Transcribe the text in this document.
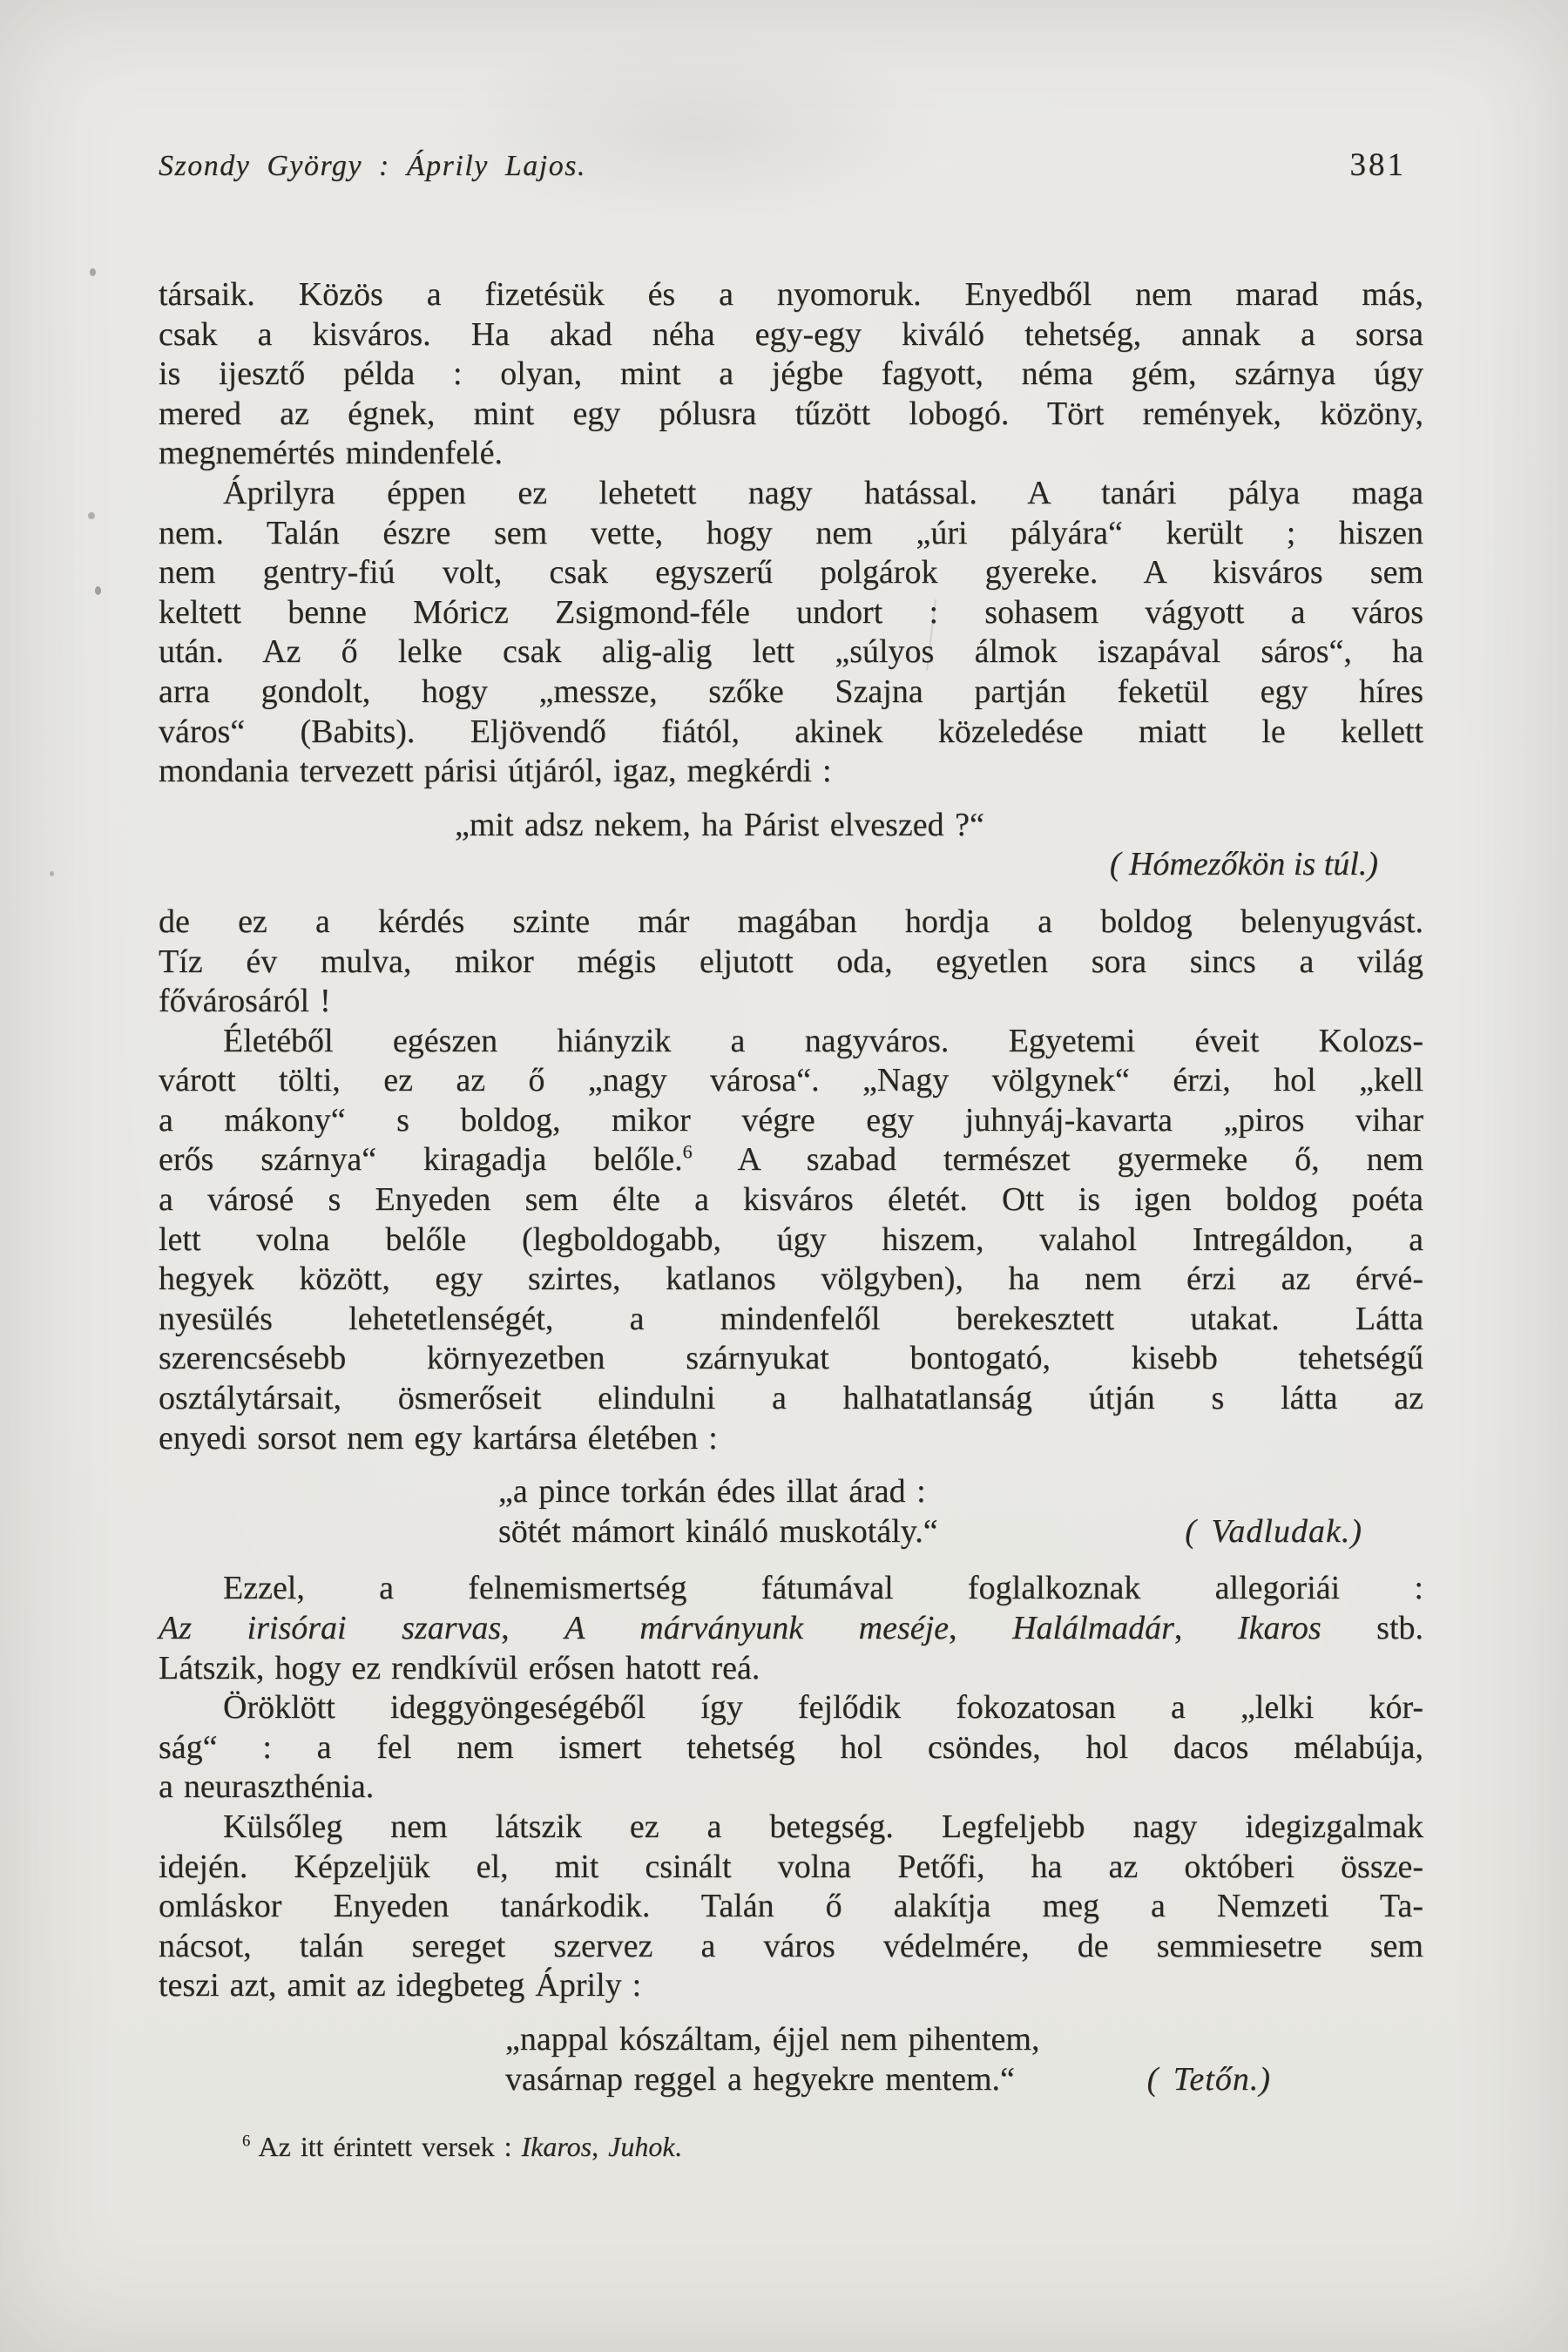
Szondy György : Áprily Lajos.	381
társaik. Közös a fizetésük és a nyomoruk. Enyedből nem marad más,
csak a kisváros. Ha akad néha egy-egy kiváló tehetség, annak a sorsa
is ijesztő példa : olyan, mint a jégbe fagyott, néma gém, szárnya úgy
mered az égnek, mint egy pólusra tűzött lobogó. Tört remények, közöny,
megnemértés mindenfelé.
Áprilyra éppen ez lehetett nagy hatással. A tanári pálya maga
nem. Talán észre sem vette, hogy nem „úri pályára“ került ; hiszen
nem gentry-fiú volt, csak egyszerű polgárok gyereke. A kisváros sem
keltett benne Móricz Zsigmond-féle undort : sohasem vágyott a város
után. Az ő lelke csak alig-alig lett „súlyos álmok iszapával sáros“, ha
arra gondolt, hogy „messze, szőke Szajna partján feketül egy híres
város“ (Babits). Eljövendő fiától, akinek közeledése miatt le kellett
mondania tervezett párisi útjáról, igaz, megkérdi :
„mit adsz nekem, ha Párist elveszed ?“
( Hómezőkön is túl.)
de ez a kérdés szinte már magában hordja a boldog belenyugvást.
Tíz év mulva, mikor mégis eljutott oda, egyetlen sora sincs a világ
fővárosáról !
Életéből egészen hiányzik a nagyváros. Egyetemi éveit Kolozs-
várott tölti, ez az ő „nagy városa“. „Nagy völgynek“ érzi, hol „kell
a mákony“ s boldog, mikor végre egy juhnyáj-kavarta „piros vihar
erős szárnya“ kiragadja belőle.$^6$ A szabad természet gyermeke ő, nem
a városé s Enyeden sem élte a kisváros életét. Ott is igen boldog poéta
lett volna belőle (legboldogabb, úgy hiszem, valahol Intregáldon, a
hegyek között, egy szirtes, katlanos völgyben), ha nem érzi az érvé-
nyesülés lehetetlenségét, a mindenfelől berekesztett utakat. Látta
szerencsésebb környezetben szárnyukat bontogató, kisebb tehetségű
osztálytársait, ösmerőseit elindulni a halhatatlanság útján s látta az
enyedi sorsot nem egy kartársa életében :
„a pince torkán édes illat árad :
sötét mámort kináló muskotály.“	( Vadludak.)
Ezzel, a felnemismertség fátumával foglalkoznak allegoriái :
Az irisórai szarvas, A márványunk meséje, Halálmadár, Ikaros stb.
Látszik, hogy ez rendkívül erősen hatott reá.
Öröklött ideggyöngeségéből így fejlődik fokozatosan a „lelki kór-
ság“ : a fel nem ismert tehetség hol csöndes, hol dacos mélabúja,
a neuraszthénia.
Külsőleg nem látszik ez a betegség. Legfeljebb nagy idegizgalmak
idején. Képzeljük el, mit csinált volna Petőfi, ha az októberi össze-
omláskor Enyeden tanárkodik. Talán ő alakítja meg a Nemzeti Ta-
nácsot, talán sereget szervez a város védelmére, de semmiesetre sem
teszi azt, amit az idegbeteg Áprily :
„nappal kószáltam, éjjel nem pihentem,
vasárnap reggel a hegyekre mentem.“	( Tetőn.)
$^6$ Az itt érintett versek : Ikaros, Juhok.
